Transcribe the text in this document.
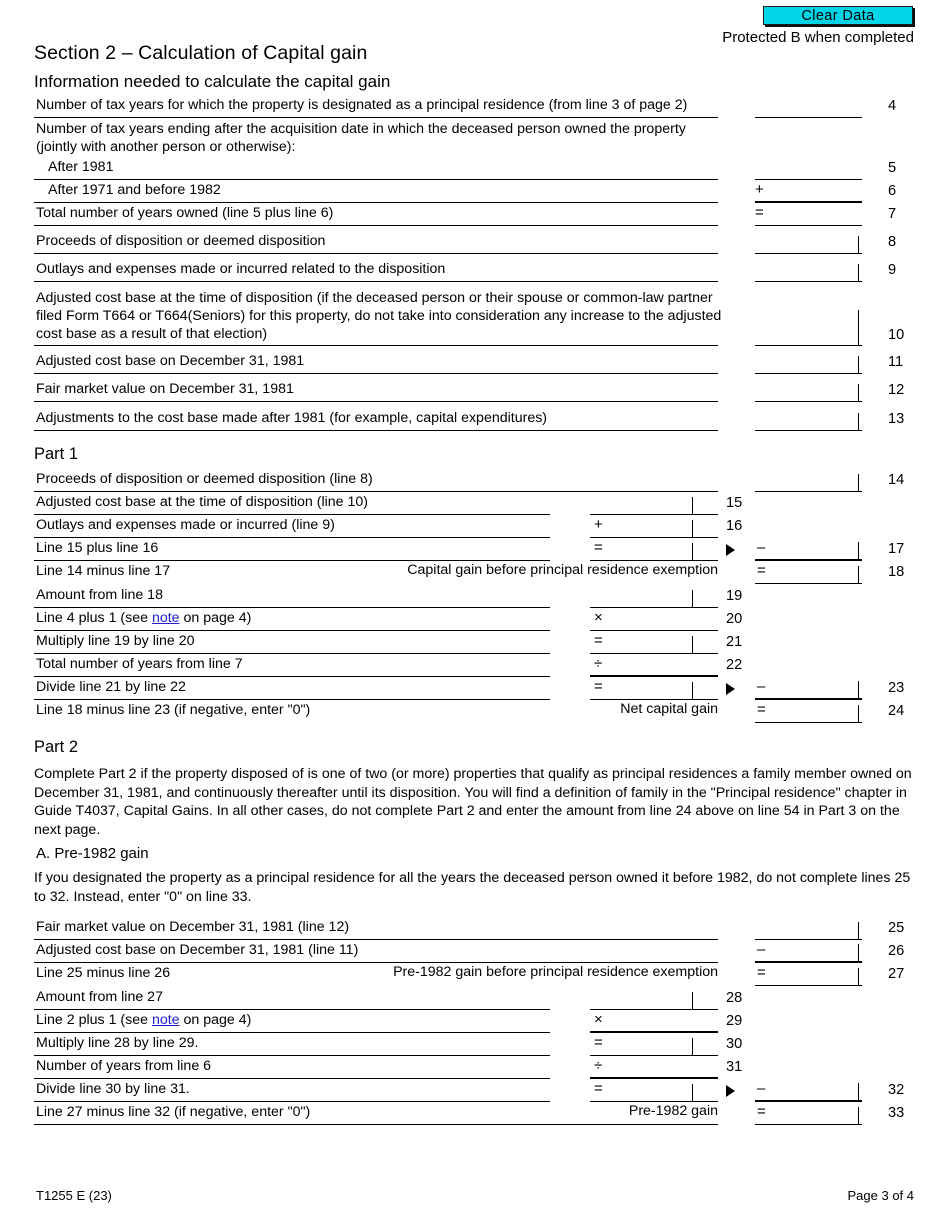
Clear Data
Protected B when completed
Section 2 – Calculation of Capital gain
Information needed to calculate the capital gain
Number of tax years for which the property is designated as a principal residence (from line 3 of page 2)	4
Number of tax years ending after the acquisition date in which the deceased person owned the property (jointly with another person or otherwise):
After 1981	5
After 1971 and before 1982	+	6
Total number of years owned (line 5 plus line 6)	=	7
Proceeds of disposition or deemed disposition	8
Outlays and expenses made or incurred related to the disposition	9
Adjusted cost base at the time of disposition (if the deceased person or their spouse or common-law partner filed Form T664 or T664(Seniors) for this property, do not take into consideration any increase to the adjusted cost base as a result of that election)	10
Adjusted cost base on December 31, 1981	11
Fair market value on December 31, 1981	12
Adjustments to the cost base made after 1981 (for example, capital expenditures)	13
Part 1
Proceeds of disposition or deemed disposition (line 8)	14
Adjusted cost base at the time of disposition (line 10)	15
Outlays and expenses made or incurred (line 9)	+	16
Line 15 plus line 16	=	–	17
Line 14 minus line 17	Capital gain before principal residence exemption	=	18
Amount from line 18	19
Line 4 plus 1 (see note on page 4)	×	20
Multiply line 19 by line 20	=	21
Total number of years from line 7	÷	22
Divide line 21 by line 22	=	–	23
Line 18 minus line 23 (if negative, enter "0")	Net capital gain	=	24
Part 2
Complete Part 2 if the property disposed of is one of two (or more) properties that qualify as principal residences a family member owned on December 31, 1981, and continuously thereafter until its disposition. You will find a definition of family in the "Principal residence" chapter in Guide T4037, Capital Gains. In all other cases, do not complete Part 2 and enter the amount from line 24 above on line 54 in Part 3 on the next page.
A. Pre-1982 gain
If you designated the property as a principal residence for all the years the deceased person owned it before 1982, do not complete lines 25 to 32. Instead, enter "0" on line 33.
Fair market value on December 31, 1981 (line 12)	25
Adjusted cost base on December 31, 1981 (line 11)	–	26
Line 25 minus line 26	Pre-1982 gain before principal residence exemption	=	27
Amount from line 27	28
Line 2 plus 1 (see note on page 4)	×	29
Multiply line 28 by line 29.	=	30
Number of years from line 6	÷	31
Divide line 30 by line 31.	=	–	32
Line 27 minus line 32 (if negative, enter "0")	Pre-1982 gain	=	33
T1255 E (23)	Page 3 of 4
